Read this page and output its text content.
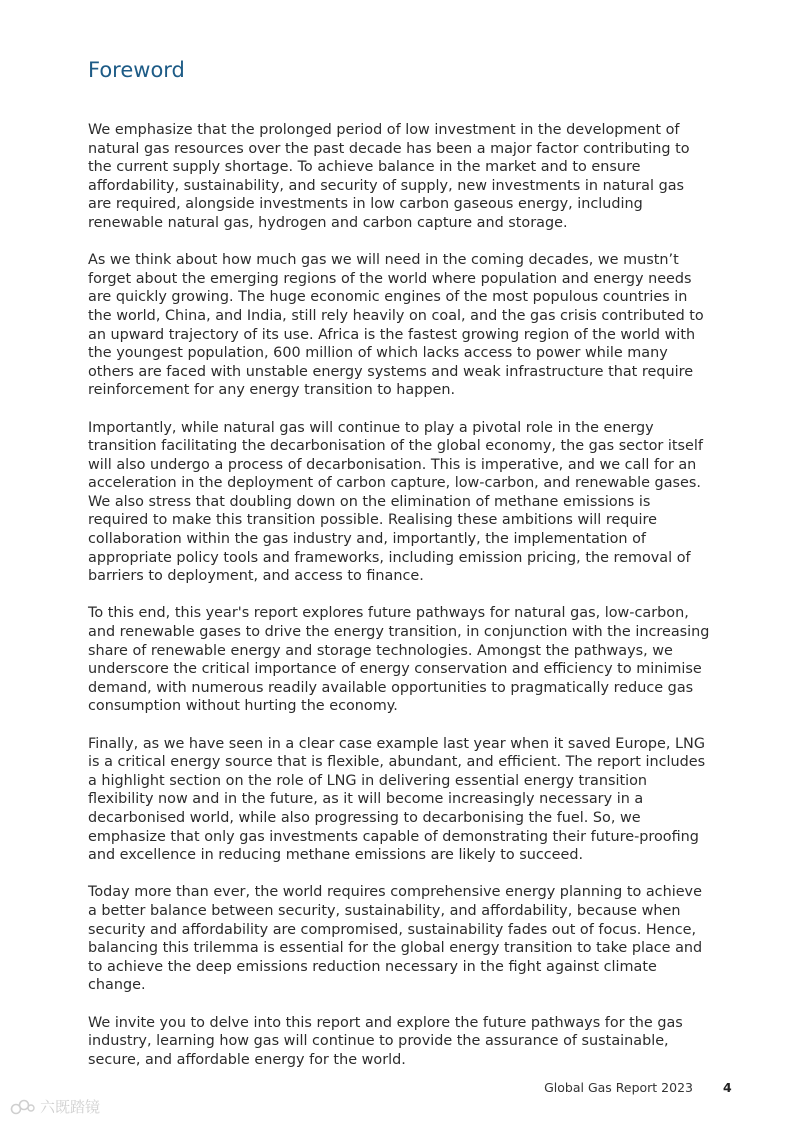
Foreword

We emphasize that the prolonged period of low investment in the development of natural gas resources over the past decade has been a major factor contributing to the current supply shortage. To achieve balance in the market and to ensure affordability, sustainability, and security of supply, new investments in natural gas are required, alongside investments in low carbon gaseous energy, including renewable natural gas, hydrogen and carbon capture and storage.

As we think about how much gas we will need in the coming decades, we mustn’t forget about the emerging regions of the world where population and energy needs are quickly growing. The huge economic engines of the most populous countries in the world, China, and India, still rely heavily on coal, and the gas crisis contributed to an upward trajectory of its use. Africa is the fastest growing region of the world with the youngest population, 600 million of which lacks access to power while many others are faced with unstable energy systems and weak infrastructure that require reinforcement for any energy transition to happen.

Importantly, while natural gas will continue to play a pivotal role in the energy transition facilitating the decarbonisation of the global economy, the gas sector itself will also undergo a process of decarbonisation. This is imperative, and we call for an acceleration in the deployment of carbon capture, low-carbon, and renewable gases. We also stress that doubling down on the elimination of methane emissions is required to make this transition possible. Realising these ambitions will require collaboration within the gas industry and, importantly, the implementation of appropriate policy tools and frameworks, including emission pricing, the removal of barriers to deployment, and access to finance.

To this end, this year's report explores future pathways for natural gas, low-carbon, and renewable gases to drive the energy transition, in conjunction with the increasing share of renewable energy and storage technologies. Amongst the pathways, we underscore the critical importance of energy conservation and efficiency to minimise demand, with numerous readily available opportunities to pragmatically reduce gas consumption without hurting the economy.

Finally, as we have seen in a clear case example last year when it saved Europe, LNG is a critical energy source that is flexible, abundant, and efficient. The report includes a highlight section on the role of LNG in delivering essential energy transition flexibility now and in the future, as it will become increasingly necessary in a decarbonised world, while also progressing to decarbonising the fuel. So, we emphasize that only gas investments capable of demonstrating their future-proofing and excellence in reducing methane emissions are likely to succeed.

Today more than ever, the world requires comprehensive energy planning to achieve a better balance between security, sustainability, and affordability, because when security and affordability are compromised, sustainability fades out of focus. Hence, balancing this trilemma is essential for the global energy transition to take place and to achieve the deep emissions reduction necessary in the fight against climate change.

We invite you to delve into this report and explore the future pathways for the gas industry, learning how gas will continue to provide the assurance of sustainable, secure, and affordable energy for the world.

Global Gas Report 2023 4
六既踏镜
